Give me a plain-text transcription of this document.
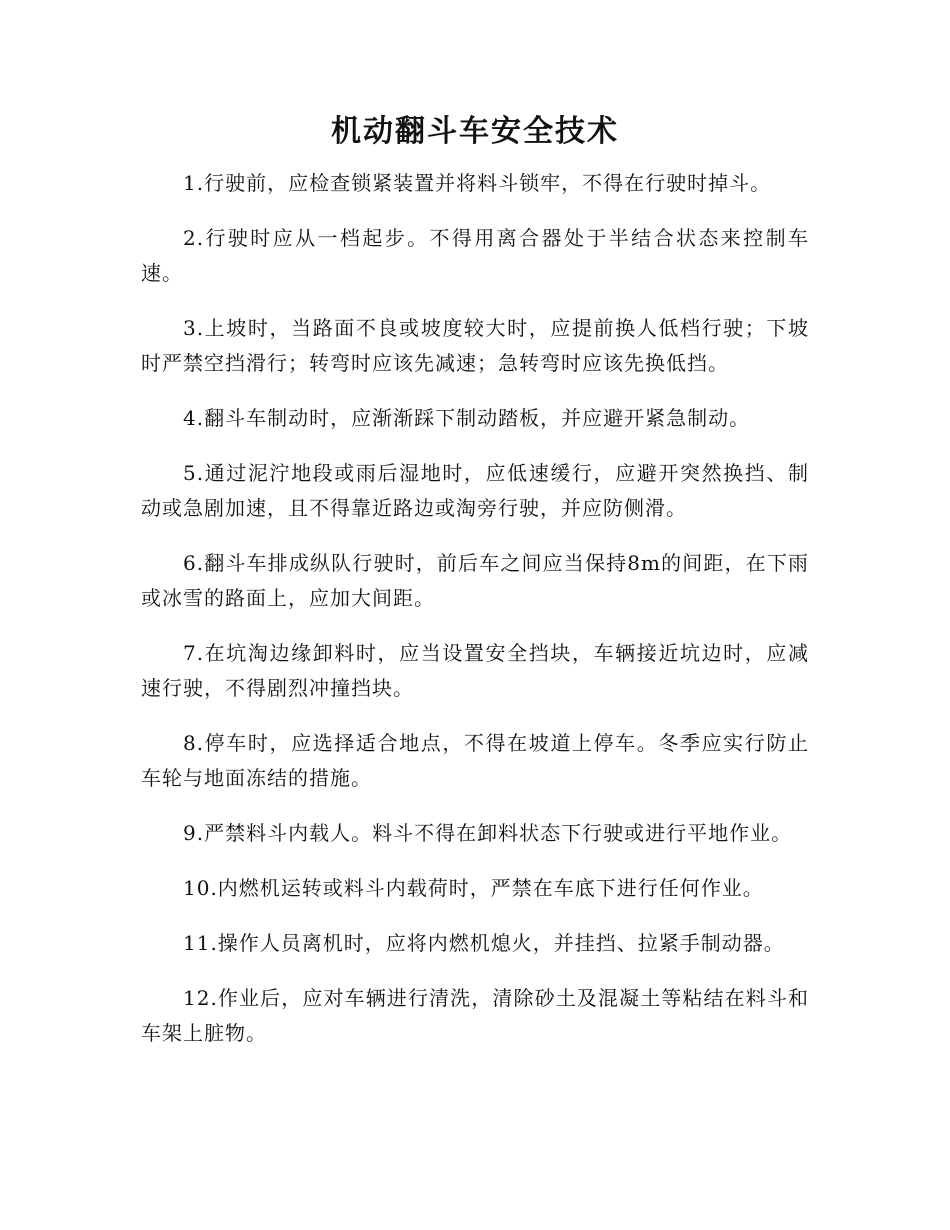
机动翻斗车安全技术

1.行驶前，应检查锁紧装置并将料斗锁牢，不得在行驶时掉斗。

2.行驶时应从一档起步。不得用离合器处于半结合状态来控制车速。

3.上坡时，当路面不良或坡度较大时，应提前换人低档行驶；下坡时严禁空挡滑行；转弯时应该先减速；急转弯时应该先换低挡。

4.翻斗车制动时，应渐渐踩下制动踏板，并应避开紧急制动。

5.通过泥泞地段或雨后湿地时，应低速缓行，应避开突然换挡、制动或急剧加速，且不得靠近路边或淘旁行驶，并应防侧滑。

6.翻斗车排成纵队行驶时，前后车之间应当保持8m的间距，在下雨或冰雪的路面上，应加大间距。

7.在坑淘边缘卸料时，应当设置安全挡块，车辆接近坑边时，应减速行驶，不得剧烈冲撞挡块。

8.停车时，应选择适合地点，不得在坡道上停车。冬季应实行防止车轮与地面冻结的措施。

9.严禁料斗内载人。料斗不得在卸料状态下行驶或进行平地作业。

10.内燃机运转或料斗内载荷时，严禁在车底下进行任何作业。

11.操作人员离机时，应将内燃机熄火，并挂挡、拉紧手制动器。

12.作业后，应对车辆进行清洗，清除砂土及混凝土等粘结在料斗和车架上脏物。
